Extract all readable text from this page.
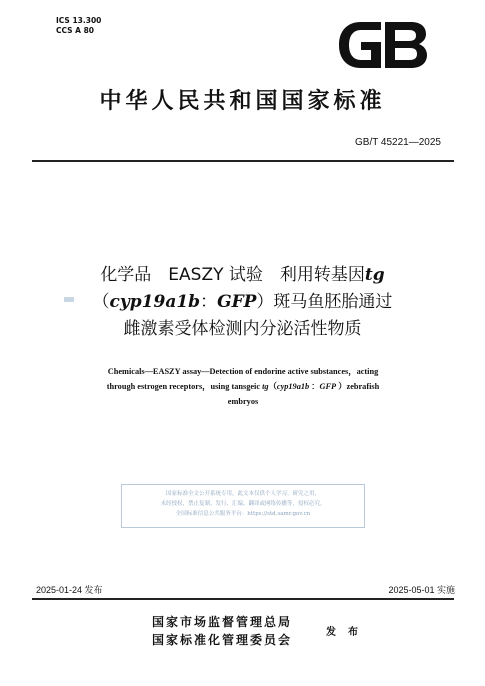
ICS 13.300
CCS A 80
GB
中华人民共和国国家标准
GB/T 45221—2025
化学品　EASZY 试验　利用转基因tg
（cyp19a1b：GFP）斑马鱼胚胎通过
雌激素受体检测内分泌活性物质
Chemicals—EASZY assay—Detection of endorine active substances，acting
through estrogen receptors，using tansgeic tg（cyp19a1b ：GFP ）zebrafish
embryos
国家标准全文公开系统专用，此文本仅供个人学习、研究之用，
未经授权，禁止复制、发行、汇编、翻译或网络传播等，侵权必究。
全国标准信息公共服务平台：https://std.samr.gov.cn
2025-01-24 发布	2025-05-01 实施
国家市场监督管理总局
国家标准化管理委员会
发　布
